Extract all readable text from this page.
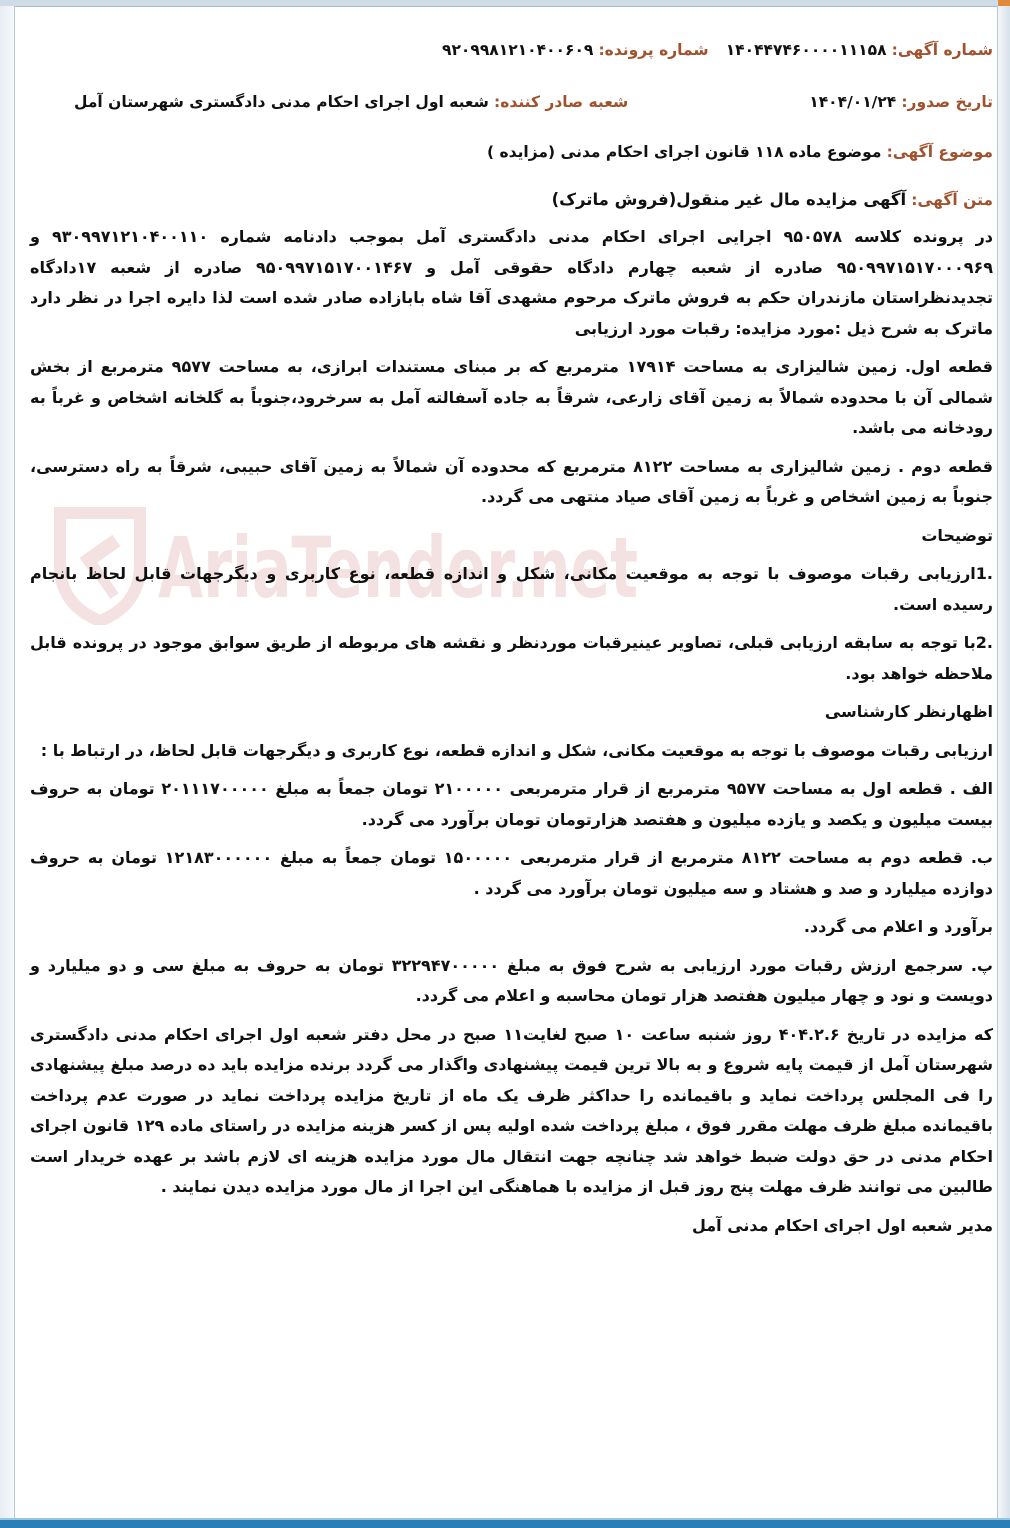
AriaTender.net
شماره آگهی: ۱۴۰۴۴۷۴۶۰۰۰۰۱۱۱۵۸
شماره پرونده: ۹۲۰۹۹۸۱۲۱۰۴۰۰۶۰۹
تاریخ صدور: ۱۴۰۴/۰۱/۲۴
شعبه صادر کننده: شعبه اول اجرای احکام مدنی دادگستری شهرستان آمل
موضوع آگهی: موضوع ماده ۱۱۸ قانون اجرای احکام مدنی (مزایده )
متن آگهی: آگهی مزایده مال غیر منقول(فروش ماترک)

در پرونده کلاسه ۹۵۰۵۷۸ اجرایی اجرای احکام مدنی دادگستری آمل بموجب دادنامه شماره ۹۳۰۹۹۷۱۲۱۰۴۰۰۱۱۰ و ۹۵۰۹۹۷۱۵۱۷۰۰۰۹۶۹ صادره از شعبه چهارم دادگاه حقوقی آمل و ۹۵۰۹۹۷۱۵۱۷۰۰۱۴۶۷ صادره از شعبه ۱۷دادگاه تجدیدنظراستان مازندران حکم به فروش ماترک مرحوم مشهدی آقا شاه بابازاده صادر شده است لذا دایره اجرا در نظر دارد ماترک به شرح ذیل :مورد مزایده: رقبات مورد ارزیابی

قطعه اول. زمین شالیزاری به مساحت ۱۷۹۱۴ مترمربع که بر مبنای مستندات ابرازی، به مساحت ۹۵۷۷ مترمربع از بخش شمالی آن با محدوده شمالاً به زمین آقای زارعی، شرقاً به جاده آسفالته آمل به سرخرود،جنوباً به گلخانه اشخاص و غرباً به رودخانه می باشد.

قطعه دوم . زمین شالیزاری به مساحت ۸۱۲۲ مترمربع که محدوده آن شمالاً به زمین آقای حبیبی، شرقاً به راه دسترسی، جنوباً به زمین اشخاص و غرباً به زمین آقای صیاد منتهی می گردد.

توضیحات

.1ارزیابی رقبات موصوف با توجه به موقعیت مکانی، شکل و اندازه قطعه، نوع کاربری و دیگرجهات قابل لحاظ بانجام رسیده است.

.2با توجه به سابقه ارزیابی قبلی، تصاویر عینیرقبات موردنظر و نقشه های مربوطه از طریق سوابق موجود در پرونده قابل ملاحظه خواهد بود.

اظهارنظر کارشناسی

ارزیابی رقبات موصوف با توجه به موقعیت مکانی، شکل و اندازه قطعه، نوع کاربری و دیگرجهات قابل لحاظ، در ارتباط با :

الف . قطعه اول به مساحت ۹۵۷۷ مترمربع از قرار مترمربعی ۲۱۰۰۰۰۰ تومان جمعاً به مبلغ ۲۰۱۱۱۷۰۰۰۰۰ تومان به حروف بیست میلیون و یکصد و یازده میلیون و هفتصد هزارتومان تومان برآورد می گردد.

ب. قطعه دوم به مساحت ۸۱۲۲ مترمربع از قرار مترمربعی ۱۵۰۰۰۰۰ تومان جمعاً به مبلغ ۱۲۱۸۳۰۰۰۰۰۰ تومان به حروف دوازده میلیارد و صد و هشتاد و سه میلیون تومان برآورد می گردد .

برآورد و اعلام می گردد.

پ. سرجمع ارزش رقبات مورد ارزیابی به شرح فوق به مبلغ ۳۲۲۹۴۷۰۰۰۰۰ تومان به حروف به مبلغ سی و دو میلیارد و دویست و نود و چهار میلیون هفتصد هزار تومان محاسبه و اعلام می گردد.

که مزایده در تاریخ ۴۰۴.۲.۶ روز شنبه ساعت ۱۰ صبح لغایت۱۱ صبح در محل دفتر شعبه اول اجرای احکام مدنی دادگستری شهرستان آمل از قیمت پایه شروع و به بالا ترین قیمت پیشنهادی واگذار می گردد برنده مزایده باید ده درصد مبلغ پیشنهادی را فی المجلس پرداخت نماید و باقیمانده را حداکثر ظرف یک ماه از تاریخ مزایده پرداخت نماید در صورت عدم پرداخت باقیمانده مبلغ ظرف مهلت مقرر فوق ، مبلغ پرداخت شده اولیه پس از کسر هزینه مزایده در راستای ماده ۱۲۹ قانون اجرای احکام مدنی در حق دولت ضبط خواهد شد چنانچه جهت انتقال مال مورد مزایده هزینه ای لازم باشد بر عهده خریدار است طالبین می توانند ظرف مهلت پنج روز قبل از مزایده با هماهنگی این اجرا از مال مورد مزایده دیدن نمایند .

مدیر شعبه اول اجرای احکام مدنی آمل
